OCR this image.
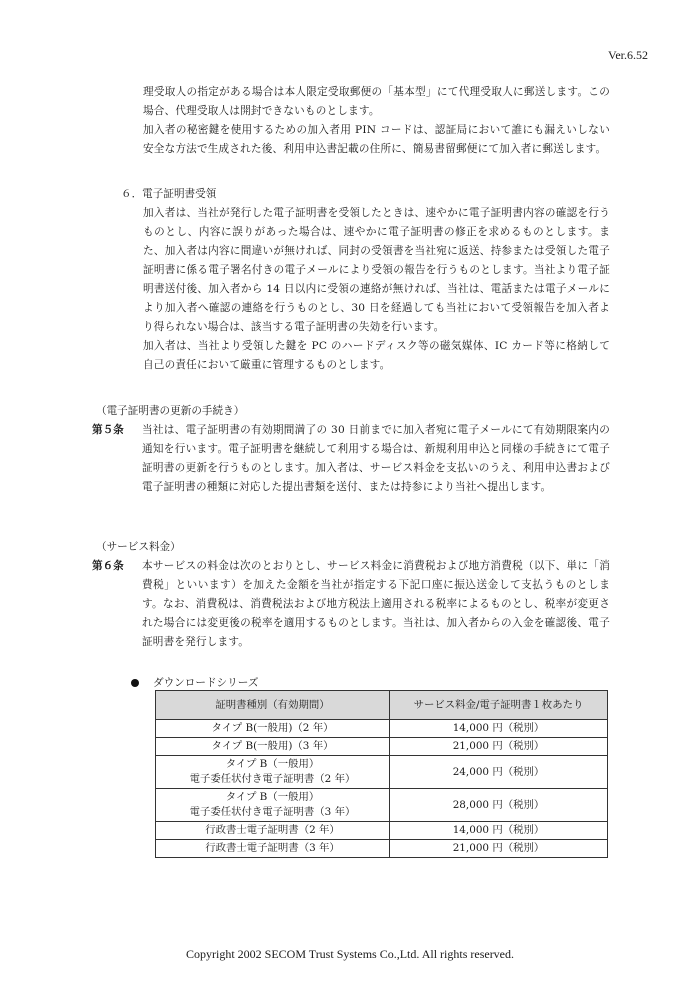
Ver.6.52

理受取人の指定がある場合は本人限定受取郵便の「基本型」にて代理受取人に郵送します。この場合、代理受取人は開封できないものとします。

加入者の秘密鍵を使用するための加入者用 PIN コードは、認証局において誰にも漏えいしない安全な方法で生成された後、利用申込書記載の住所に、簡易書留郵便にて加入者に郵送します。

６．電子証明書受領

加入者は、当社が発行した電子証明書を受領したときは、速やかに電子証明書内容の確認を行うものとし、内容に誤りがあった場合は、速やかに電子証明書の修正を求めるものとします。また、加入者は内容に間違いが無ければ、同封の受領書を当社宛に返送、持参または受領した電子証明書に係る電子署名付きの電子メールにより受領の報告を行うものとします。当社より電子証明書送付後、加入者から 14 日以内に受領の連絡が無ければ、当社は、電話または電子メールにより加入者へ確認の連絡を行うものとし、30 日を経過しても当社において受領報告を加入者より得られない場合は、該当する電子証明書の失効を行います。

加入者は、当社より受領した鍵を PC のハードディスク等の磁気媒体、IC カード等に格納して自己の責任において厳重に管理するものとします。

（電子証明書の更新の手続き）

第５条 当社は、電子証明書の有効期間満了の 30 日前までに加入者宛に電子メールにて有効期限案内の通知を行います。電子証明書を継続して利用する場合は、新規利用申込と同様の手続きにて電子証明書の更新を行うものとします。加入者は、サービス料金を支払いのうえ、利用申込書および電子証明書の種類に対応した提出書類を送付、または持参により当社へ提出します。

（サービス料金）

第６条 本サービスの料金は次のとおりとし、サービス料金に消費税および地方消費税（以下、単に「消費税」といいます）を加えた金額を当社が指定する下記口座に振込送金して支払うものとします。なお、消費税は、消費税法および地方税法上適用される税率によるものとし、税率が変更された場合には変更後の税率を適用するものとします。当社は、加入者からの入金を確認後、電子証明書を発行します。

ダウンロードシリーズ
証明書種別（有効期間）	サービス料金/電子証明書１枚あたり

タイプ B(一般用)（2 年）	14,000 円（税別）

タイプ B(一般用)（3 年）	21,000 円（税別）

タイプ B（一般用）
電子委任状付き電子証明書（2 年）	24,000 円（税別）

タイプ B（一般用）
電子委任状付き電子証明書（3 年）	28,000 円（税別）

行政書士電子証明書（2 年）	14,000 円（税別）

行政書士電子証明書（3 年）	21,000 円（税別）
Copyright 2002 SECOM Trust Systems Co.,Ltd. All rights reserved.
